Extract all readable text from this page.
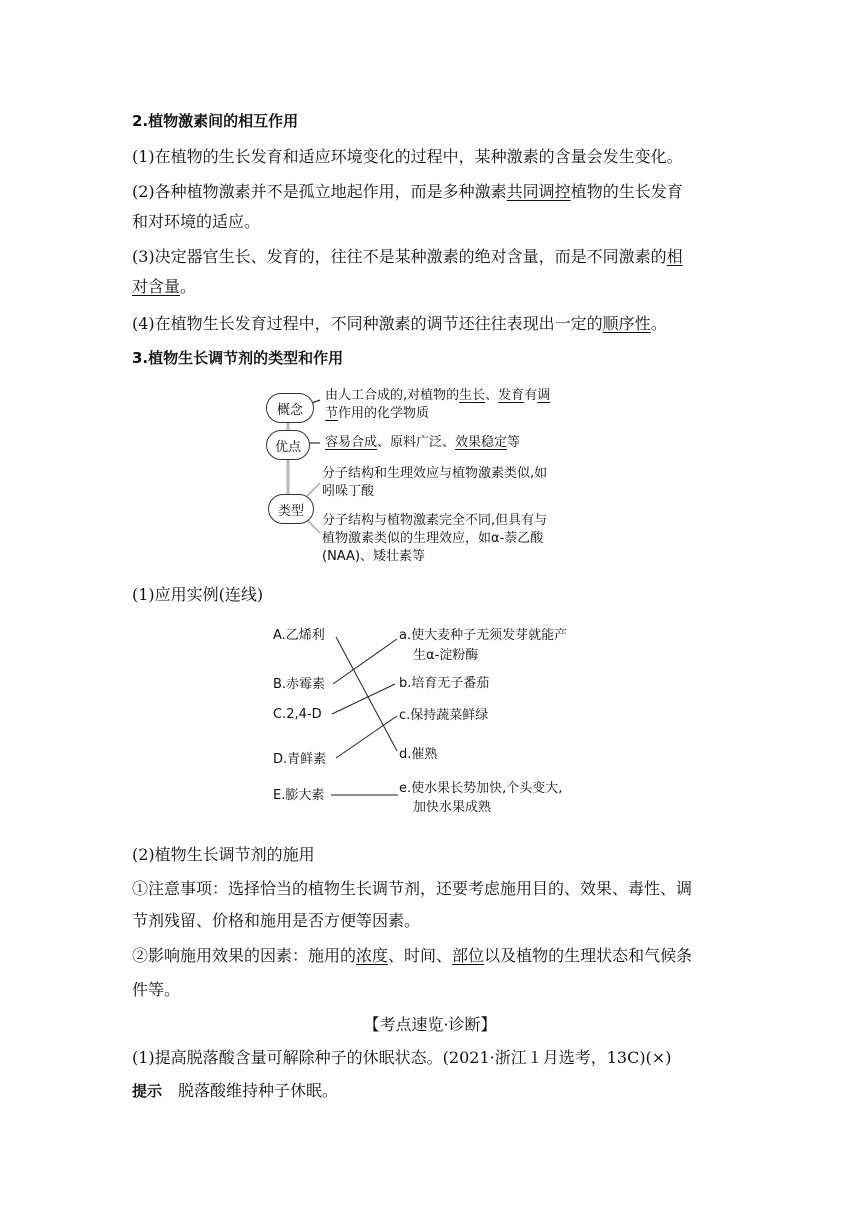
2.植物激素间的相互作用
(1)在植物的生长发育和适应环境变化的过程中，某种激素的含量会发生变化。
(2)各种植物激素并不是孤立地起作用，而是多种激素共同调控植物的生长发育
和对环境的适应。
(3)决定器官生长、发育的，往往不是某种激素的绝对含量，而是不同激素的相
对含量。
(4)在植物生长发育过程中，不同种激素的调节还往往表现出一定的顺序性。
3.植物生长调节剂的类型和作用
概念
由人工合成的,对植物的生长、发育有调
节作用的化学物质
优点	容易合成、原料广泛、效果稳定等
类型
分子结构和生理效应与植物激素类似,如
吲哚丁酸
分子结构与植物激素完全不同,但具有与
植物激素类似的生理效应，如α-萘乙酸
(NAA)、矮壮素等
(1)应用实例(连线)
A.乙烯利
B.赤霉素
C.2,4-D
D.青鲜素
E.膨大素
a.使大麦种子无须发芽就能产
生α-淀粉酶
b.培育无子番茄
c.保持蔬菜鲜绿
d.催熟
e.使水果长势加快,个头变大,
加快水果成熟
(2)植物生长调节剂的施用
①注意事项：选择恰当的植物生长调节剂，还要考虑施用目的、效果、毒性、调
节剂残留、价格和施用是否方便等因素。
②影响施用效果的因素：施用的浓度、时间、部位以及植物的生理状态和气候条
件等。
【考点速览·诊断】
(1)提高脱落酸含量可解除种子的休眠状态。(2021·浙江１月选考，13C)(×)
提示 脱落酸维持种子休眠。
